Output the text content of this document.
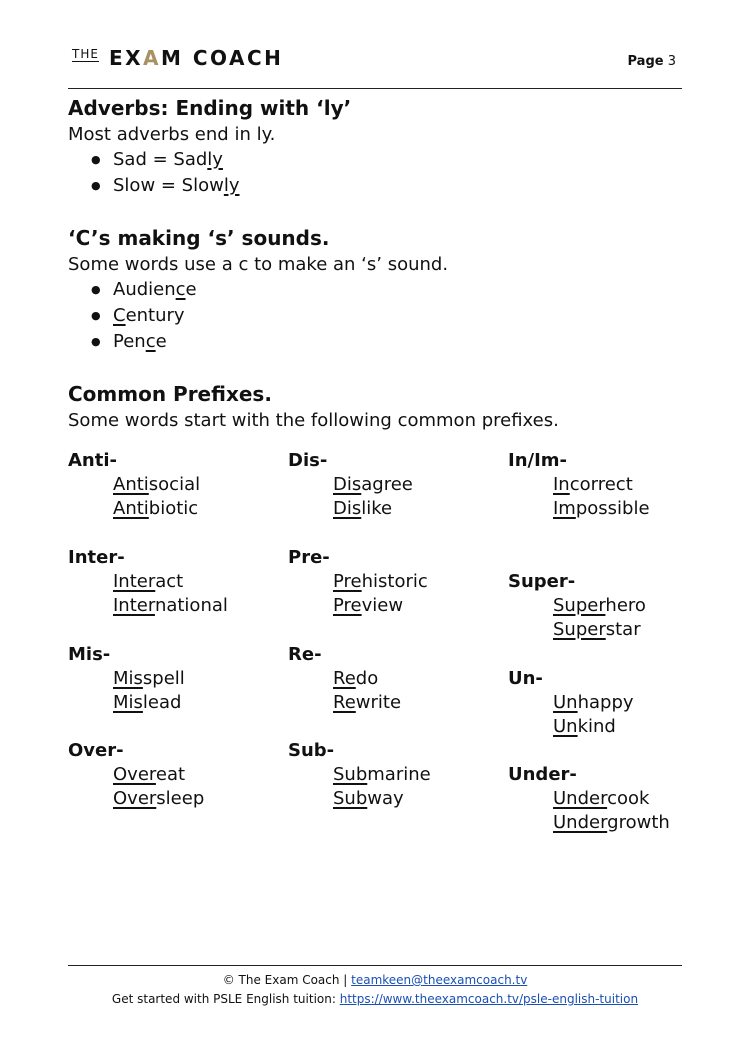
$^{THE}$ EXAM COACH	Page 3
Adverbs: Ending with ‘ly’

Most adverbs end in ly.

● Sad = Sadly
● Slow = Slowly
‘C’s making ‘s’ sounds.

Some words use a c to make an ‘s’ sound.

● Audience
● Century
● Pence
Common Prefixes.

Some words start with the following common prefixes.

Anti-
Antisocial
Antibiotic
Inter-
Interact
International
Mis-
Misspell
Mislead
Over-
Overeat
Oversleep
Dis-
Disagree
Dislike
Pre-
Prehistoric
Preview
Re-
Redo
Rewrite
Sub-
Submarine
Subway
In/Im-
Incorrect
Impossible
Super-
Superhero
Superstar
Un-
Unhappy
Unkind
Under-
Undercook
Undergrowth
© The Exam Coach | teamkeen@theexamcoach.tv
Get started with PSLE English tuition: https://www.theexamcoach.tv/psle-english-tuition
